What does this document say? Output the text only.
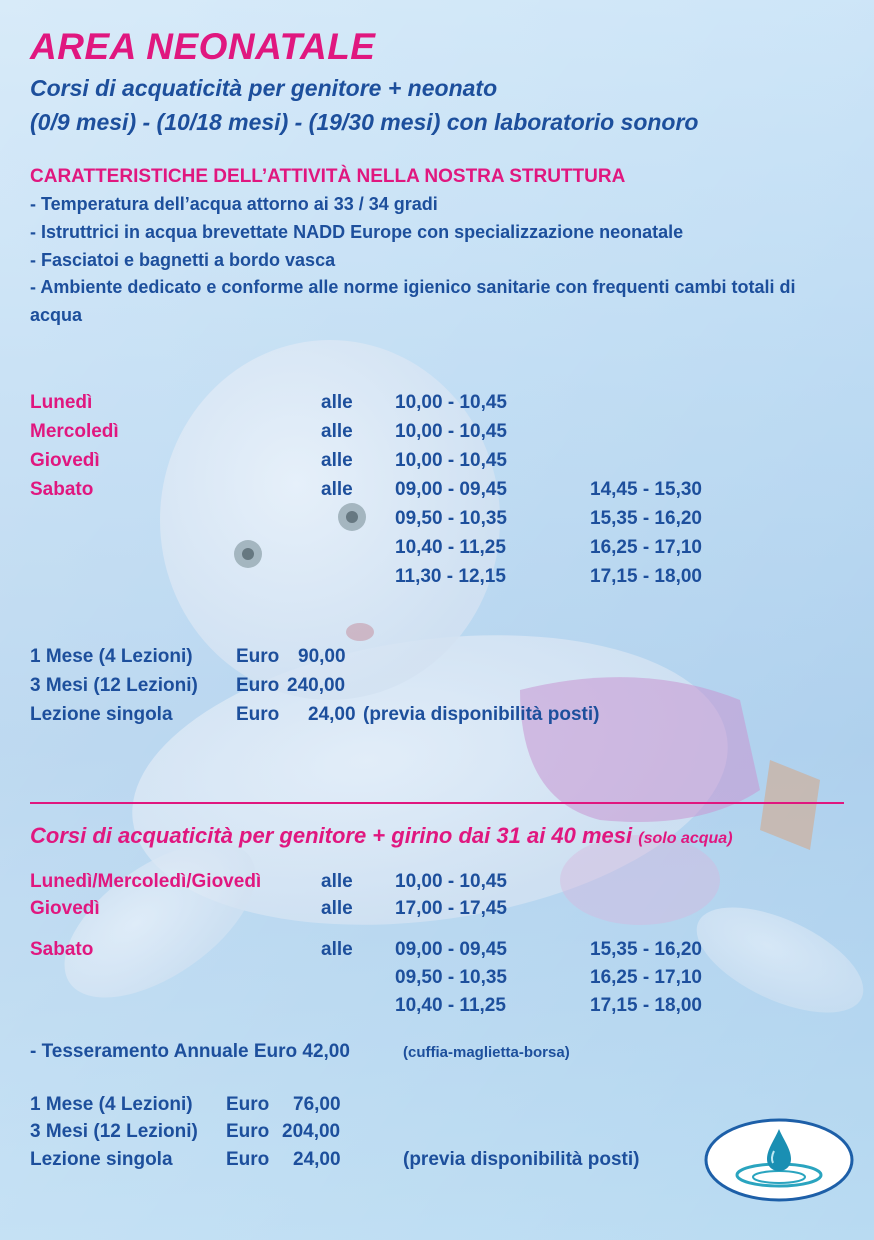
AREA NEONATALE
Corsi di acquaticità per genitore + neonato
(0/9 mesi) - (10/18 mesi) - (19/30 mesi) con laboratorio sonoro
CARATTERISTICHE DELL’ATTIVITÀ NELLA NOSTRA STRUTTURA
- Temperatura dell’acqua attorno ai 33 / 34 gradi
- Istruttrici in acqua brevettate NADD Europe con specializzazione neonatale
- Fasciatoi e bagnetti a bordo vasca
- Ambiente dedicato e conforme alle norme igienico sanitarie con frequenti cambi totali di
acqua
Lunedì	alle 10,00 - 10,45
Mercoledì	alle 10,00 - 10,45
Giovedì	alle 10,00 - 10,45
Sabato	alle 09,00 - 09,45	14,45 - 15,30
09,50 - 10,35	15,35 - 16,20
10,40 - 11,25	16,25 - 17,10
11,30 - 12,15	17,15 - 18,00
1 Mese (4 Lezioni) Euro 90,00
3 Mesi (12 Lezioni) Euro 240,00
Lezione singola	Euro 24,00 (previa disponibilità posti)
Corsi di acquaticità per genitore + girino dai 31 ai 40 mesi (solo acqua)
Lunedì/Mercoledì/Giovedì	alle 10,00 - 10,45
Giovedì	alle 17,00 - 17,45
Sabato	alle 09,00 - 09,45	15,35 - 16,20
09,50 - 10,35	16,25 - 17,10
10,40 - 11,25	17,15 - 18,00
- Tesseramento Annuale Euro 42,00	(cuffia-maglietta-borsa)
1 Mese (4 Lezioni) Euro 76,00
3 Mesi (12 Lezioni) Euro 204,00
Lezione singola	Euro 24,00	(previa disponibilità posti)
